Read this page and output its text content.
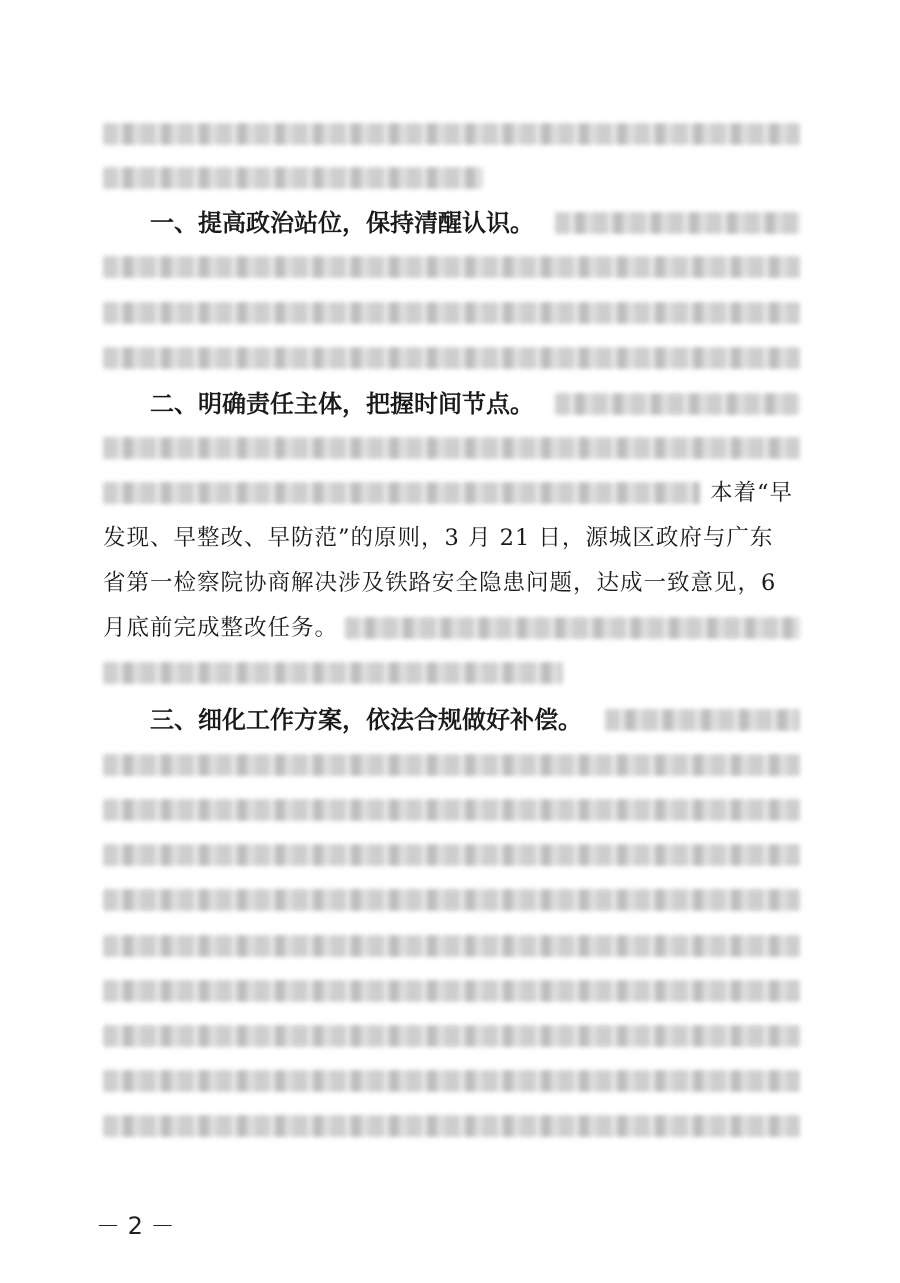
一、提高政治站位，保持清醒认识。
二、明确责任主体，把握时间节点。
本着“早
发现、早整改、早防范”的原则，3 月 21 日，源城区政府与广东
省第一检察院协商解决涉及铁路安全隐患问题，达成一致意见，6
月底前完成整改任务。
三、细化工作方案，依法合规做好补偿。
－ 2 －
